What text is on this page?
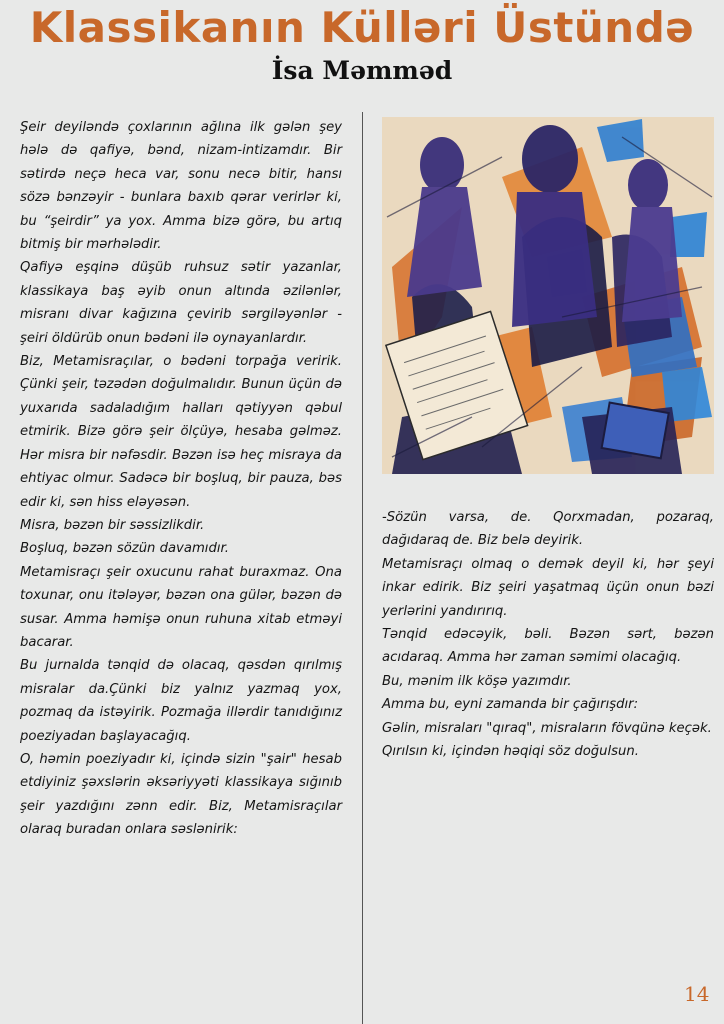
Klassikanın Külləri Üstündə
İsa Məmməd

Şeir deyiləndə çoxlarının ağlına ilk gələn şey hələ də qafiyə, bənd, nizam-intizamdır. Bir sətirdə neçə heca var, sonu necə bitir, hansı sözə bənzəyir - bunlara baxıb qərar verirlər ki, bu “şeirdir” ya yox. Amma bizə görə, bu artıq bitmiş bir mərhələdir.

Qafiyə eşqinə düşüb ruhsuz sətir yazanlar, klassikaya baş əyib onun altında əzilənlər, misranı divar kağızına çevirib sərgiləyənlər - şeiri öldürüb onun bədəni ilə oynayanlardır.

Biz, Metamisraçılar, o bədəni torpağa veririk. Çünki şeir, təzədən doğulmalıdır. Bunun üçün də yuxarıda sadaladığım halları qətiyyən qəbul etmirik. Bizə görə şeir ölçüyə, hesaba gəlməz. Hər misra bir nəfəsdir. Bəzən isə heç misraya da ehtiyac olmur. Sadəcə bir boşluq, bir pauza, bəs edir ki, sən hiss eləyəsən.

Misra, bəzən bir səssizlikdir.

Boşluq, bəzən sözün davamıdır.

Metamisraçı şeir oxucunu rahat buraxmaz. Ona toxunar, onu itələyər, bəzən ona gülər, bəzən də susar. Amma həmişə onun ruhuna xitab etməyi bacarar.

Bu jurnalda tənqid də olacaq, qəsdən qırılmış misralar da.Çünki biz yalnız yazmaq yox, pozmaq da istəyirik. Pozmağa illərdir tanıdığınız poeziyadan başlayacağıq.

O, həmin poeziyadır ki, içində sizin "şair" hesab etdiyiniz şəxslərin əksəriyyəti klassikaya sığınıb şeir yazdığını zənn edir. Biz, Metamisraçılar olaraq buradan onlara səslənirik:

-Sözün varsa, de. Qorxmadan, pozaraq, dağıdaraq de. Biz belə deyirik.

Metamisraçı olmaq o demək deyil ki, hər şeyi inkar edirik. Biz şeiri yaşatmaq üçün onun bəzi yerlərini yandırırıq.

Tənqid edəcəyik, bəli. Bəzən sərt, bəzən acıdaraq. Amma hər zaman səmimi olacağıq.

Bu, mənim ilk köşə yazımdır.

Amma bu, eyni zamanda bir çağırışdır:

Gəlin, misraları "qıraq", misraların fövqünə keçək.

Qırılsın ki, içindən həqiqi söz doğulsun.

14
